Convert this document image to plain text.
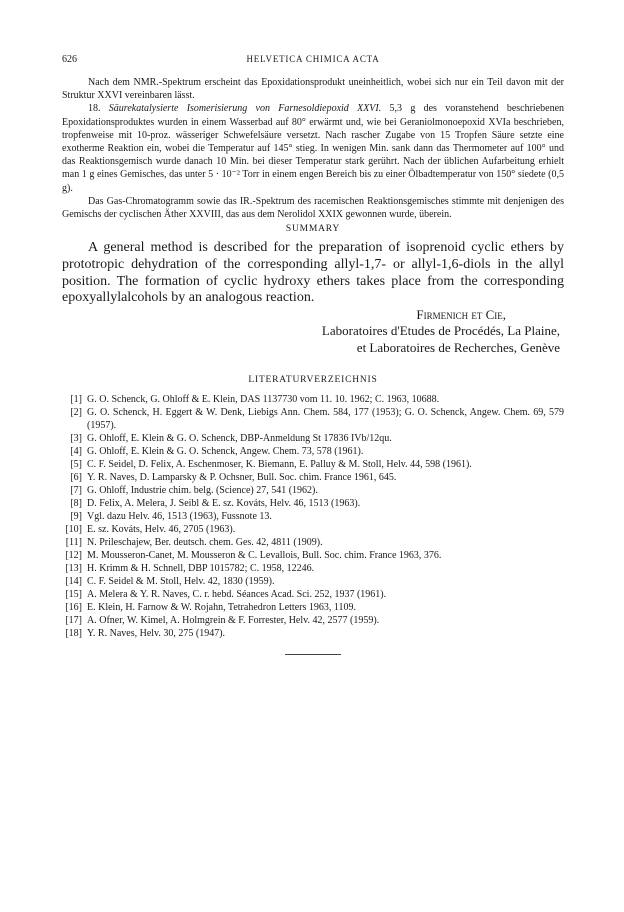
626	HELVETICA CHIMICA ACTA

Nach dem NMR.-Spektrum erscheint das Epoxidationsprodukt uneinheitlich, wobei sich nur ein Teil davon mit der Struktur XXVI vereinbaren lässt.

18. Säurekatalysierte Isomerisierung von Farnesoldiepoxid XXVI. 5,3 g des voranstehend beschriebenen Epoxidationsproduktes wurden in einem Wasserbad auf 80° erwärmt und, wie bei Geraniolmonoepoxid XVIa beschrieben, tropfenweise mit 10-proz. wässeriger Schwefelsäure versetzt. Nach rascher Zugabe von 15 Tropfen Säure setzte eine exotherme Reaktion ein, wobei die Temperatur auf 145° stieg. In wenigen Min. sank dann das Thermometer auf 100° und das Reaktionsgemisch wurde danach 10 Min. bei dieser Temperatur stark gerührt. Nach der üblichen Aufarbeitung erhielt man 1 g eines Gemisches, das unter 5 · 10⁻² Torr in einem engen Bereich bis zu einer Ölbadtemperatur von 150° siedete (0,5 g).

Das Gas-Chromatogramm sowie das IR.-Spektrum des racemischen Reaktionsgemisches stimmte mit denjenigen des Gemischs der cyclischen Äther XXVIII, das aus dem Nerolidol XXIX gewonnen wurde, überein.

SUMMARY

A general method is described for the preparation of isoprenoid cyclic ethers by prototropic dehydration of the corresponding allyl-1,7- or allyl-1,6-diols in the allyl position. The formation of cyclic hydroxy ethers takes place from the corresponding epoxyallylalcohols by an analogous reaction.

Firmenich et Cie,
Laboratoires d'Etudes de Procédés, La Plaine,
et Laboratoires de Recherches, Genève
LITERATURVERZEICHNIS
[1] G. O. Schenck, G. Ohloff & E. Klein, DAS 1137730 vom 11. 10. 1962; C. 1963, 10688.
[2] G. O. Schenck, H. Eggert & W. Denk, Liebigs Ann. Chem. 584, 177 (1953); G. O. Schenck, Angew. Chem. 69, 579 (1957).
[3] G. Ohloff, E. Klein & G. O. Schenck, DBP-Anmeldung St 17836 IVb/12qu.
[4] G. Ohloff, E. Klein & G. O. Schenck, Angew. Chem. 73, 578 (1961).
[5] C. F. Seidel, D. Felix, A. Eschenmoser, K. Biemann, E. Palluy & M. Stoll, Helv. 44, 598 (1961).
[6] Y. R. Naves, D. Lamparsky & P. Ochsner, Bull. Soc. chim. France 1961, 645.
[7] G. Ohloff, Industrie chim. belg. (Science) 27, 541 (1962).
[8] D. Felix, A. Melera, J. Seibl & E. sz. Kováts, Helv. 46, 1513 (1963).
[9] Vgl. dazu Helv. 46, 1513 (1963), Fussnote 13.
[10] E. sz. Kováts, Helv. 46, 2705 (1963).
[11] N. Prileschajew, Ber. deutsch. chem. Ges. 42, 4811 (1909).
[12] M. Mousseron-Canet, M. Mousseron & C. Levallois, Bull. Soc. chim. France 1963, 376.
[13] H. Krimm & H. Schnell, DBP 1015782; C. 1958, 12246.
[14] C. F. Seidel & M. Stoll, Helv. 42, 1830 (1959).
[15] A. Melera & Y. R. Naves, C. r. hebd. Séances Acad. Sci. 252, 1937 (1961).
[16] E. Klein, H. Farnow & W. Rojahn, Tetrahedron Letters 1963, 1109.
[17] A. Ofner, W. Kimel, A. Holmgrein & F. Forrester, Helv. 42, 2577 (1959).
[18] Y. R. Naves, Helv. 30, 275 (1947).
